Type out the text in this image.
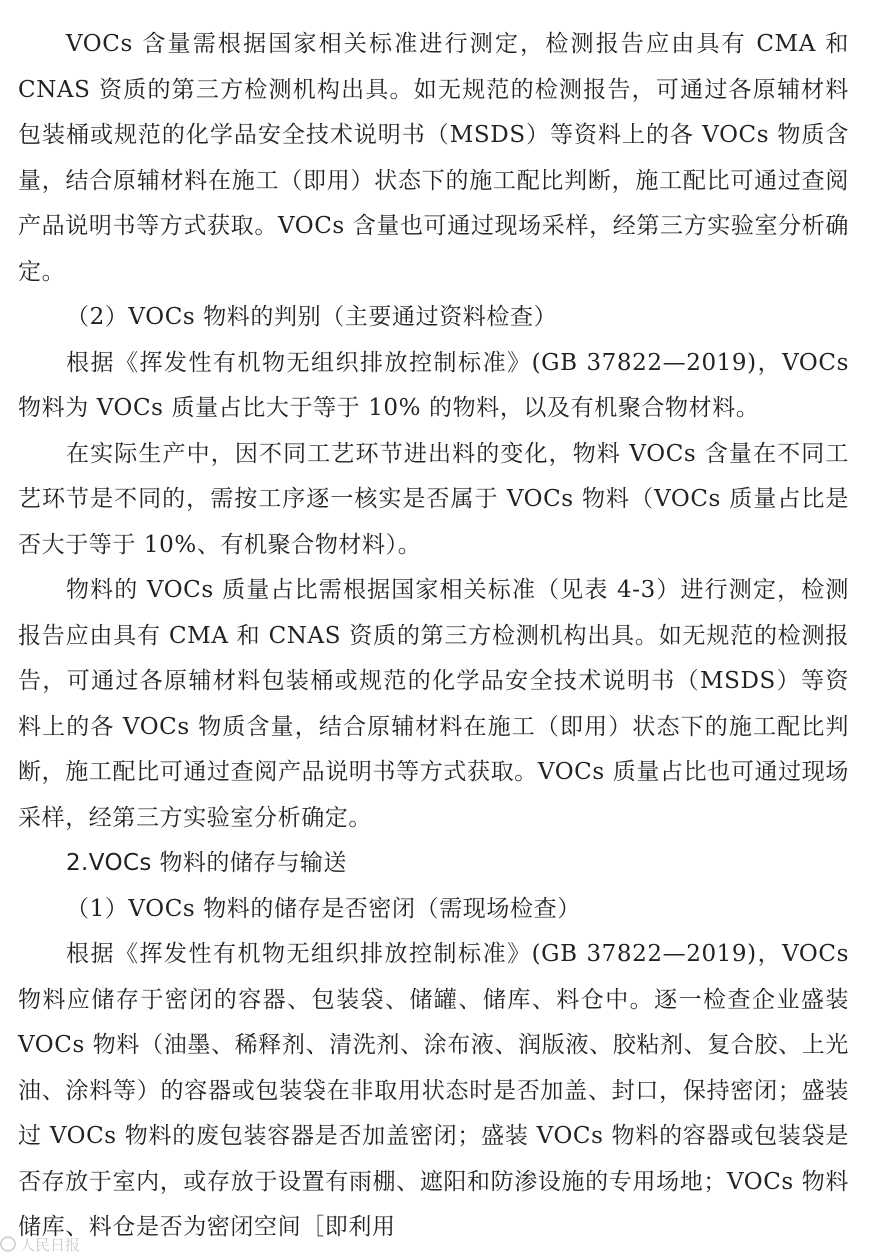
VOCs 含量需根据国家相关标准进行测定，检测报告应由具有 CMA 和 CNAS 资质的第三方检测机构出具。如无规范的检测报告，可通过各原辅材料包装桶或规范的化学品安全技术说明书（MSDS）等资料上的各 VOCs 物质含量，结合原辅材料在施工（即用）状态下的施工配比判断，施工配比可通过查阅产品说明书等方式获取。VOCs 含量也可通过现场采样，经第三方实验室分析确定。

（2）VOCs 物料的判别（主要通过资料检查）

根据《挥发性有机物无组织排放控制标准》(GB 37822—2019)，VOCs 物料为 VOCs 质量占比大于等于 10% 的物料，以及有机聚合物材料。

在实际生产中，因不同工艺环节进出料的变化，物料 VOCs 含量在不同工艺环节是不同的，需按工序逐一核实是否属于 VOCs 物料（VOCs 质量占比是否大于等于 10%、有机聚合物材料）。

物料的 VOCs 质量占比需根据国家相关标准（见表 4-3）进行测定，检测报告应由具有 CMA 和 CNAS 资质的第三方检测机构出具。如无规范的检测报告，可通过各原辅材料包装桶或规范的化学品安全技术说明书（MSDS）等资料上的各 VOCs 物质含量，结合原辅材料在施工（即用）状态下的施工配比判断，施工配比可通过查阅产品说明书等方式获取。VOCs 质量占比也可通过现场采样，经第三方实验室分析确定。

2.VOCs 物料的储存与输送

（1）VOCs 物料的储存是否密闭（需现场检查）

根据《挥发性有机物无组织排放控制标准》(GB 37822—2019)，VOCs 物料应储存于密闭的容器、包装袋、储罐、储库、料仓中。逐一检查企业盛装 VOCs 物料（油墨、稀释剂、清洗剂、涂布液、润版液、胶粘剂、复合胶、上光油、涂料等）的容器或包装袋在非取用状态时是否加盖、封口，保持密闭；盛装过 VOCs 物料的废包装容器是否加盖密闭；盛装 VOCs 物料的容器或包装袋是否存放于室内，或存放于设置有雨棚、遮阳和防渗设施的专用场地；VOCs 物料储库、料仓是否为密闭空间［即利用

人民日报
